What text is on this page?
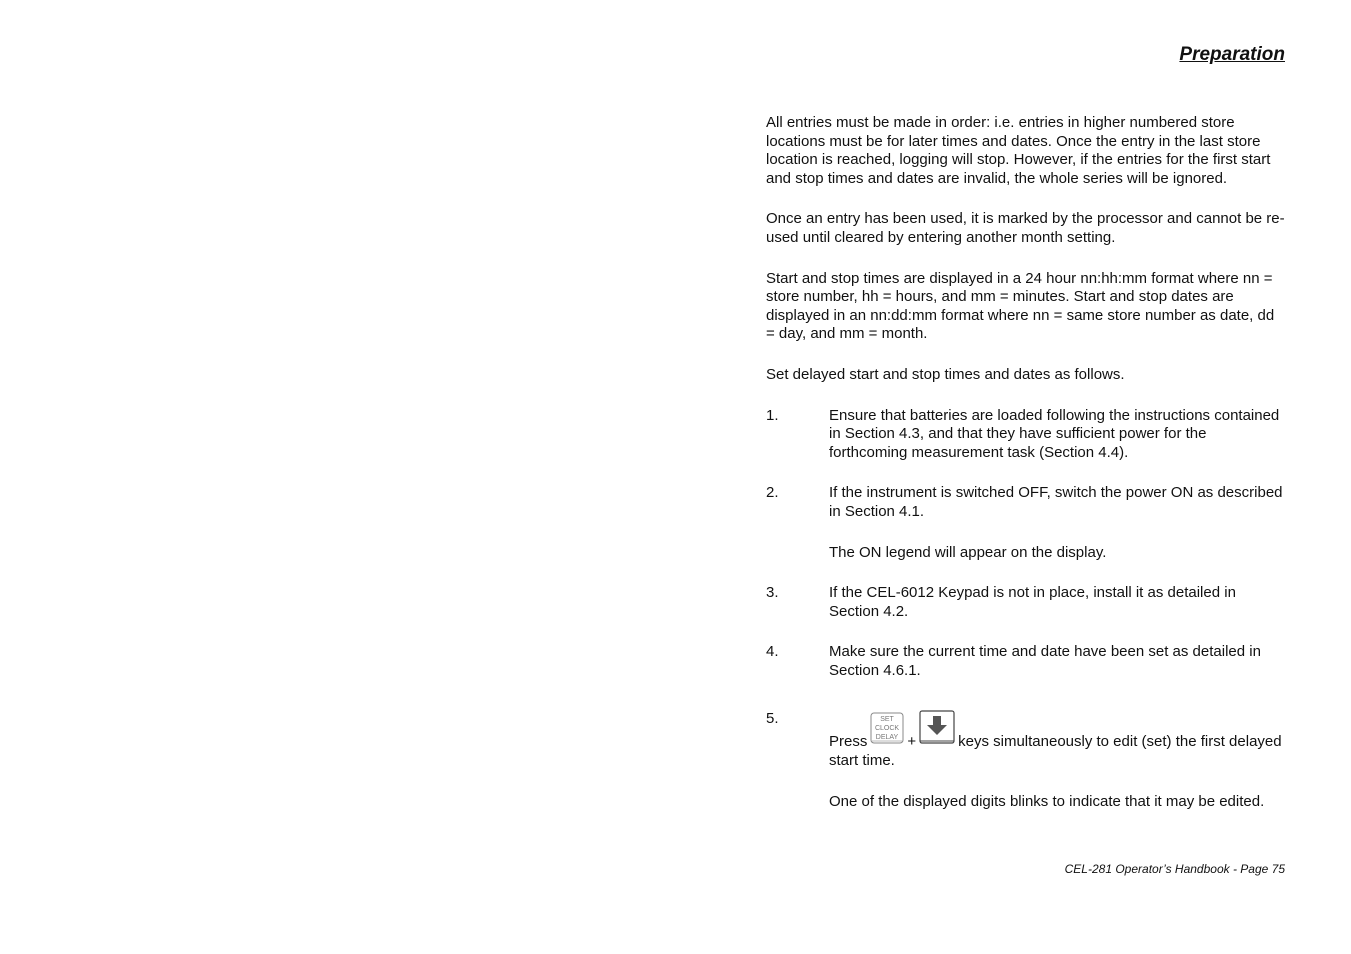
Preparation

All entries must be made in order: i.e. entries in higher numbered store locations must be for later times and dates. Once the entry in the last store location is reached, logging will stop. However, if the entries for the first start and stop times and dates are invalid, the whole series will be ignored.

Once an entry has been used, it is marked by the processor and cannot be re-used until cleared by entering another month setting.

Start and stop times are displayed in a 24 hour nn:hh:mm format where nn = store number, hh = hours, and mm = minutes. Start and stop dates are displayed in an nn:dd:mm format where nn = same store number as date, dd = day, and mm = month.

Set delayed start and stop times and dates as follows.

1.	Ensure that batteries are loaded following the instructions contained in Section 4.3, and that they have sufficient power for the forthcoming measurement task (Section 4.4).

2.	If the instrument is switched OFF, switch the power ON as described in Section 4.1.

The ON legend will appear on the display.

3.	If the CEL-6012 Keypad is not in place, install it as detailed in Section 4.2.

4.	Make sure the current time and date have been set as detailed in Section 4.6.1.

5.

Press
SET
CLOCK
DELAY +	keys simultaneously to edit (set) the first delayed start time.

One of the displayed digits blinks to indicate that it may be edited.

CEL-281 Operator’s Handbook - Page 75
